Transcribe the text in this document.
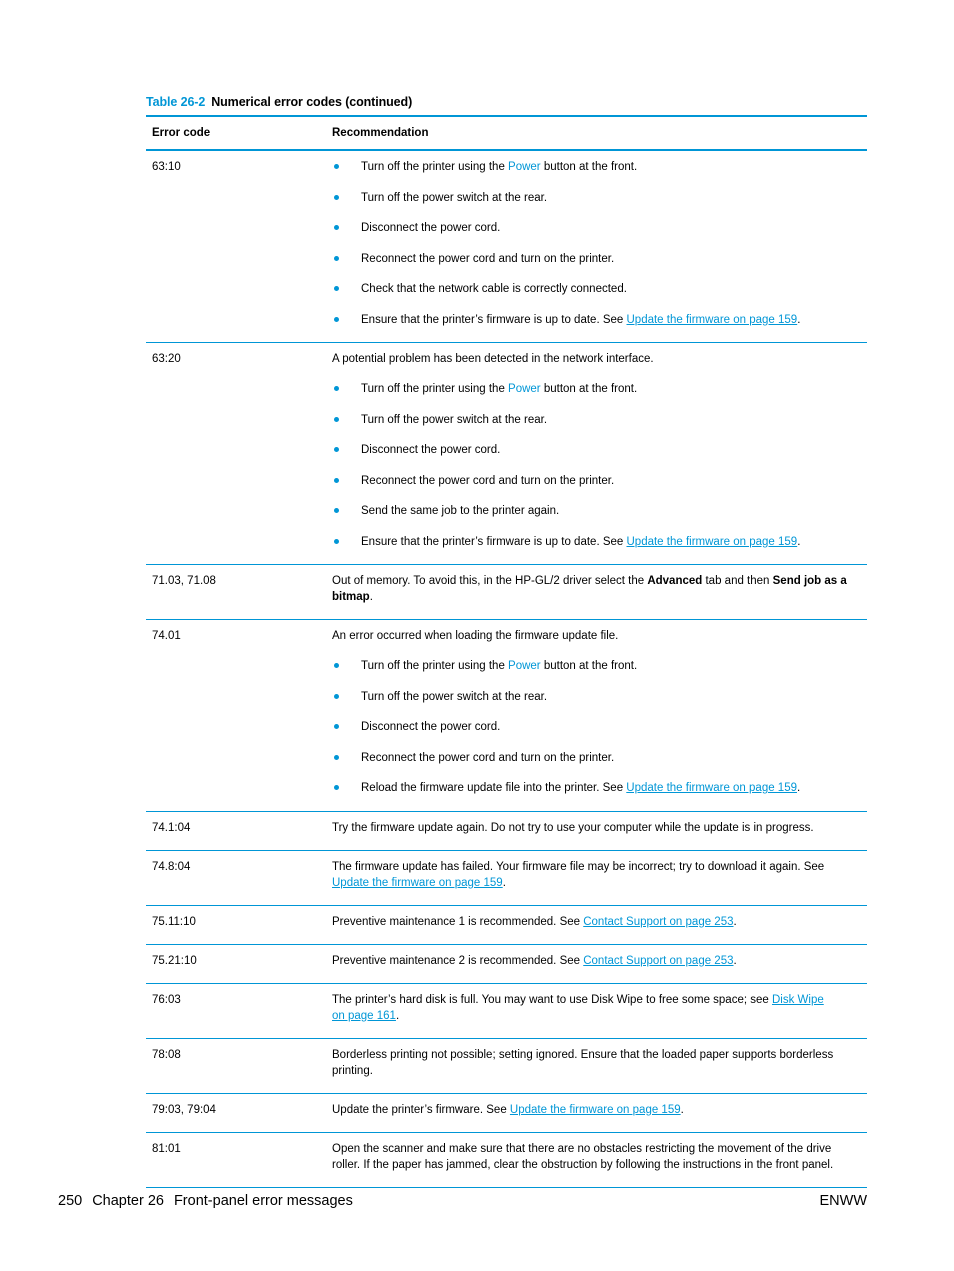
Table 26-2 Numerical error codes (continued)
Error code	Recommendation
63:10	Turn off the printer using the Power button at the front.
Turn off the power switch at the rear.
Disconnect the power cord.
Reconnect the power cord and turn on the printer.
Check that the network cable is correctly connected.
Ensure that the printer’s firmware is up to date. See Update the firmware on page 159.
63:20	A potential problem has been detected in the network interface.

Turn off the printer using the Power button at the front.
Turn off the power switch at the rear.
Disconnect the power cord.
Reconnect the power cord and turn on the printer.
Send the same job to the printer again.
Ensure that the printer’s firmware is up to date. See Update the firmware on page 159.
71.03, 71.08	Out of memory. To avoid this, in the HP-GL/2 driver select the Advanced tab and then Send job as a
bitmap.
74.01	An error occurred when loading the firmware update file.

Turn off the printer using the Power button at the front.
Turn off the power switch at the rear.
Disconnect the power cord.
Reconnect the power cord and turn on the printer.
Reload the firmware update file into the printer. See Update the firmware on page 159.
74.1:04	Try the firmware update again. Do not try to use your computer while the update is in progress.
74.8:04	The firmware update has failed. Your firmware file may be incorrect; try to download it again. See
Update the firmware on page 159.
75.11:10	Preventive maintenance 1 is recommended. See Contact Support on page 253.
75.21:10	Preventive maintenance 2 is recommended. See Contact Support on page 253.
76:03	The printer’s hard disk is full. You may want to use Disk Wipe to free some space; see Disk Wipe
on page 161.
78:08	Borderless printing not possible; setting ignored. Ensure that the loaded paper supports borderless printing.
79:03, 79:04	Update the printer’s firmware. See Update the firmware on page 159.
81:01	Open the scanner and make sure that there are no obstacles restricting the movement of the drive roller. If the paper has jammed, clear the obstruction by following the instructions in the front panel.
250 Chapter 26 Front-panel error messages	ENWW
